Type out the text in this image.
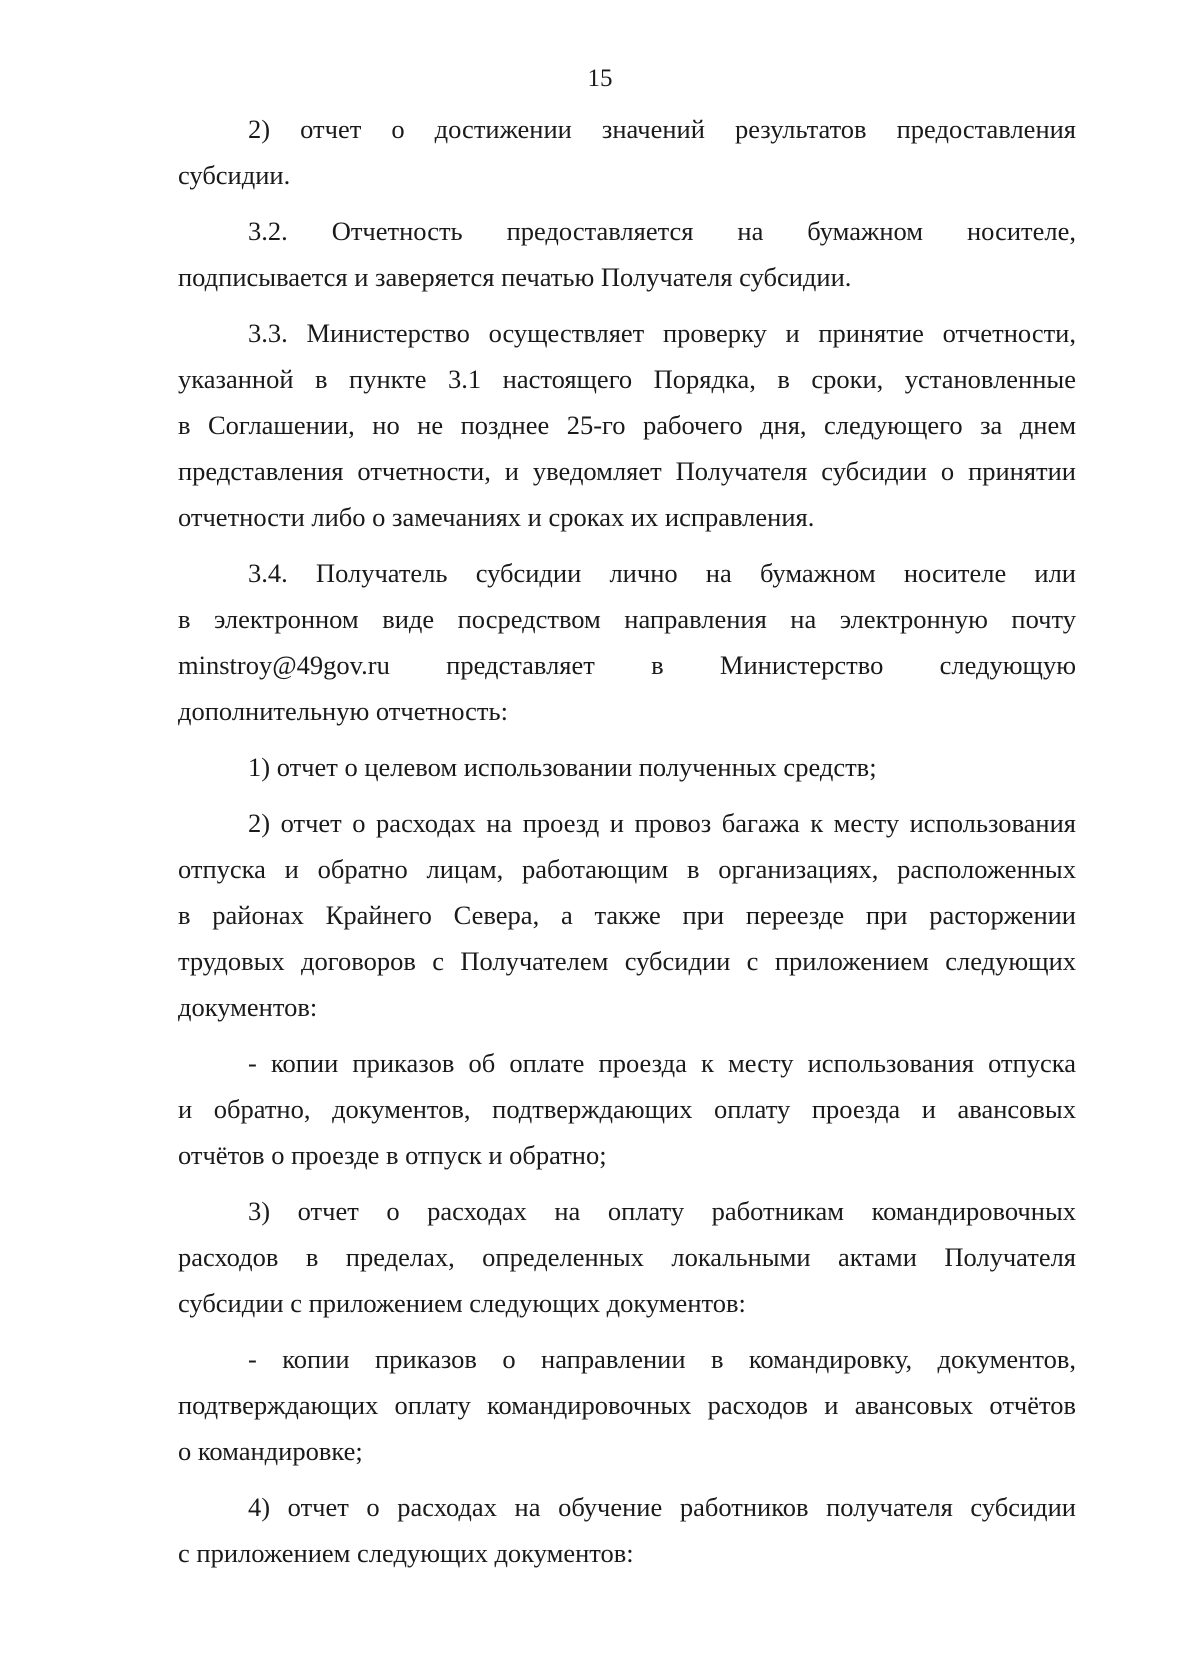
15
2) отчет о достижении значений результатов предоставления
субсидии.
3.2. Отчетность предоставляется на бумажном носителе,
подписывается и заверяется печатью Получателя субсидии.
3.3. Министерство осуществляет проверку и принятие отчетности,
указанной в пункте 3.1 настоящего Порядка, в сроки, установленные
в Соглашении, но не позднее 25-го рабочего дня, следующего за днем
представления отчетности, и уведомляет Получателя субсидии о принятии
отчетности либо о замечаниях и сроках их исправления.
3.4. Получатель субсидии лично на бумажном носителе или
в электронном виде посредством направления на электронную почту
minstroy@49gov.ru представляет в Министерство следующую
дополнительную отчетность:
1) отчет о целевом использовании полученных средств;
2) отчет о расходах на проезд и провоз багажа к месту использования
отпуска и обратно лицам, работающим в организациях, расположенных
в районах Крайнего Севера, а также при переезде при расторжении
трудовых договоров с Получателем субсидии с приложением следующих
документов:
- копии приказов об оплате проезда к месту использования отпуска
и обратно, документов, подтверждающих оплату проезда и авансовых
отчётов о проезде в отпуск и обратно;
3) отчет о расходах на оплату работникам командировочных
расходов в пределах, определенных локальными актами Получателя
субсидии с приложением следующих документов:
- копии приказов о направлении в командировку, документов,
подтверждающих оплату командировочных расходов и авансовых отчётов
о командировке;
4) отчет о расходах на обучение работников получателя субсидии
с приложением следующих документов:
